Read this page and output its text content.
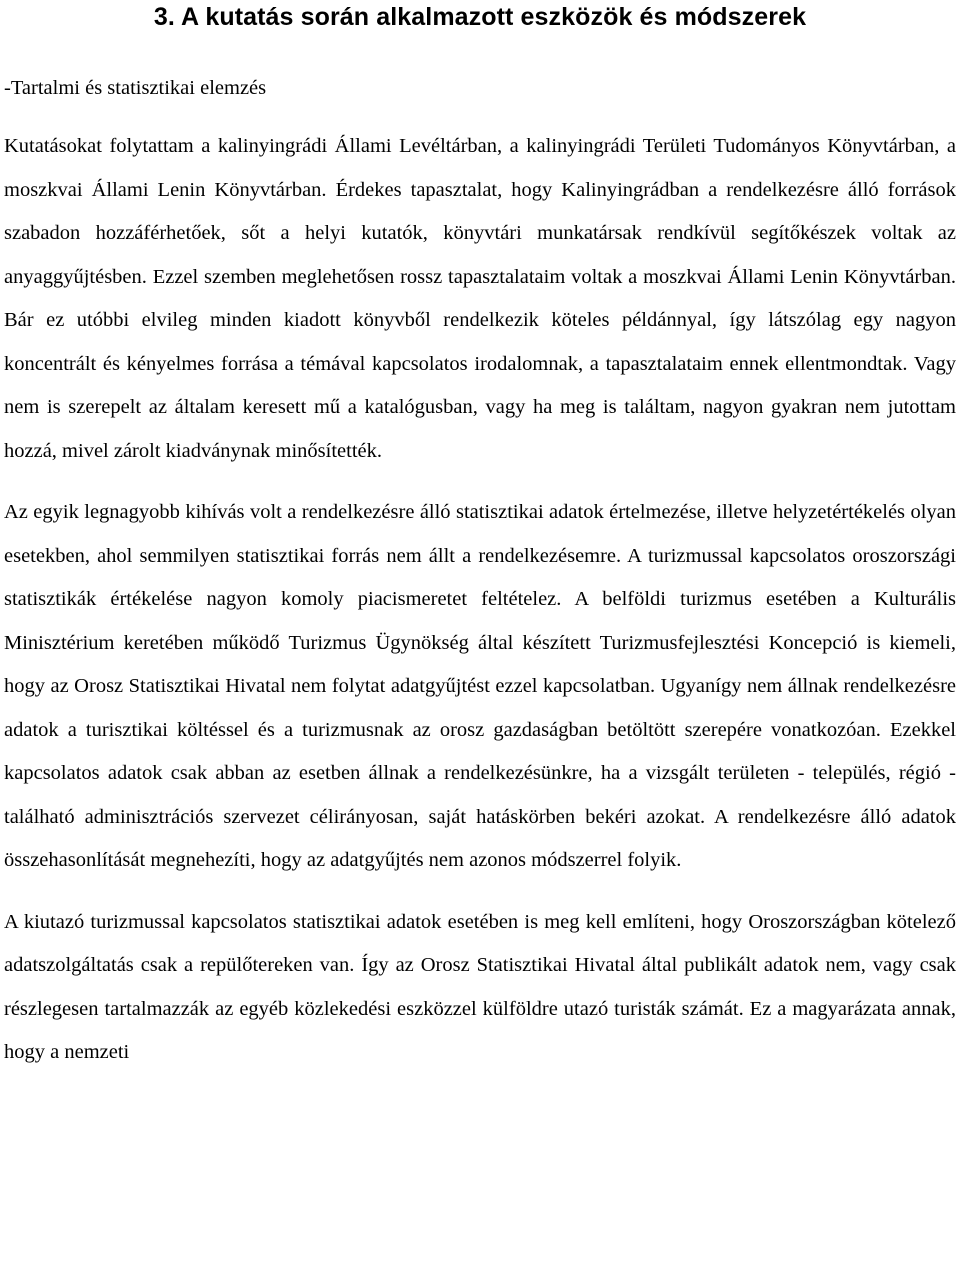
3. A kutatás során alkalmazott eszközök és módszerek

-Tartalmi és statisztikai elemzés

Kutatásokat folytattam a kalinyingrádi Állami Levéltárban, a kalinyingrádi Területi Tudományos Könyvtárban, a moszkvai Állami Lenin Könyvtárban. Érdekes tapasztalat, hogy Kalinyingrádban a rendelkezésre álló források szabadon hozzáférhetőek, sőt a helyi kutatók, könyvtári munkatársak rendkívül segítőkészek voltak az anyaggyűjtésben. Ezzel szemben meglehetősen rossz tapasztalataim voltak a moszkvai Állami Lenin Könyvtárban. Bár ez utóbbi elvileg minden kiadott könyvből rendelkezik köteles példánnyal, így látszólag egy nagyon koncentrált és kényelmes forrása a témával kapcsolatos irodalomnak, a tapasztalataim ennek ellentmondtak. Vagy nem is szerepelt az általam keresett mű a katalógusban, vagy ha meg is találtam, nagyon gyakran nem jutottam hozzá, mivel zárolt kiadványnak minősítették.

Az egyik legnagyobb kihívás volt a rendelkezésre álló statisztikai adatok értelmezése, illetve helyzetértékelés olyan esetekben, ahol semmilyen statisztikai forrás nem állt a rendelkezésemre. A turizmussal kapcsolatos oroszországi statisztikák értékelése nagyon komoly piacismeretet feltételez. A belföldi turizmus esetében a Kulturális Minisztérium keretében működő Turizmus Ügynökség által készített Turizmusfejlesztési Koncepció is kiemeli, hogy az Orosz Statisztikai Hivatal nem folytat adatgyűjtést ezzel kapcsolatban. Ugyanígy nem állnak rendelkezésre adatok a turisztikai költéssel és a turizmusnak az orosz gazdaságban betöltött szerepére vonatkozóan. Ezekkel kapcsolatos adatok csak abban az esetben állnak a rendelkezésünkre, ha a vizsgált területen - település, régió - található adminisztrációs szervezet célirányosan, saját hatáskörben bekéri azokat. A rendelkezésre álló adatok összehasonlítását megnehezíti, hogy az adatgyűjtés nem azonos módszerrel folyik.

A kiutazó turizmussal kapcsolatos statisztikai adatok esetében is meg kell említeni, hogy Oroszországban kötelező adatszolgáltatás csak a repülőtereken van. Így az Orosz Statisztikai Hivatal által publikált adatok nem, vagy csak részlegesen tartalmazzák az egyéb közlekedési eszközzel külföldre utazó turisták számát. Ez a magyarázata annak, hogy a nemzeti
